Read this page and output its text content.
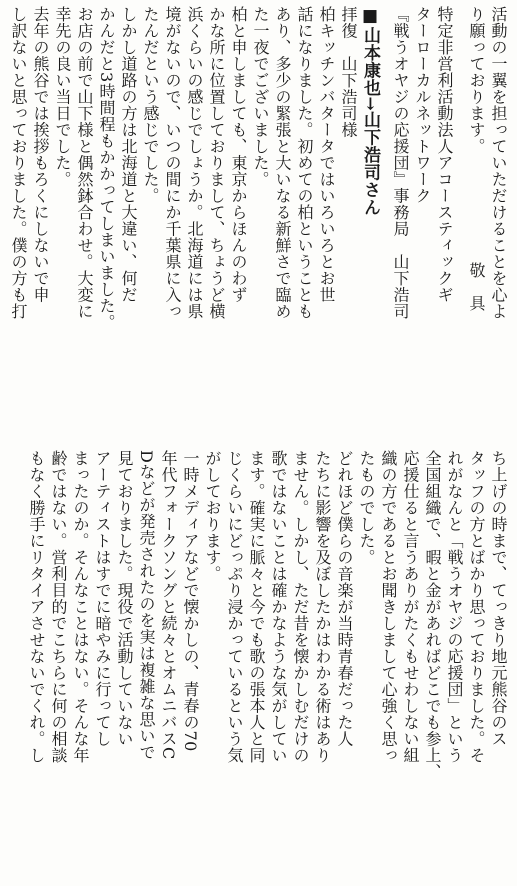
活動の一翼を担っていただけることを心よ
り願っております。　　　　　　　敬　具
特定非営利活動法人アコースティックギ
ターローカルネットワーク
『戦うオヤジの応援団』事務局　山下浩司
■山本康也→山下浩司さん
拝復　山下浩司様
柏キッチンバタータではいろいろとお世
話になりました。初めての柏ということも
あり、多少の緊張と大いなる新鮮さで臨め
た一夜でございました。
柏と申しましても、東京からほんのわず
かな所に位置しておりまして、ちょうど横
浜くらいの感じでしょうか。北海道には県
境がないので、いつの間にか千葉県に入っ
たんだという感じでした。
しかし道路の方は北海道と大違い、何だ
かんだと3時間程もかかってしまいました。
お店の前で山下様と偶然鉢合わせ。大変に
幸先の良い当日でした。
去年の熊谷では挨拶もろくにしないで申
し訳ないと思っておりました。僕の方も打
ち上げの時まで、てっきり地元熊谷のス
タッフの方とばかり思っておりました。そ
れがなんと「戦うオヤジの応援団」という
全国組織で、暇と金があればどこでも参上、
応援仕ると言うありがたくもせわしない組
織の方であるとお聞きしまして心強く思っ
たものでした。
どれほど僕らの音楽が当時青春だった人
たちに影響を及ぼしたかはわかる術はあり
ません。しかし、ただ昔を懐かしむだけの
歌ではないことは確かなような気がしてい
ます。確実に脈々と今でも歌の張本人と同
じくらいにどっぷり浸かっているという気
がしております。
一時メディアなどで懐かしの、青春の70
年代フォークソングと続々とオムニバスC
Dなどが発売されたのを実は複雑な思いで
見ておりました。現役で活動していない
アーティストはすでに暗やみに行ってし
まったのか。そんなことはない。そんな年
齢ではない。営利目的でこちらに何の相談
もなく勝手にリタイアさせないでくれ。し
